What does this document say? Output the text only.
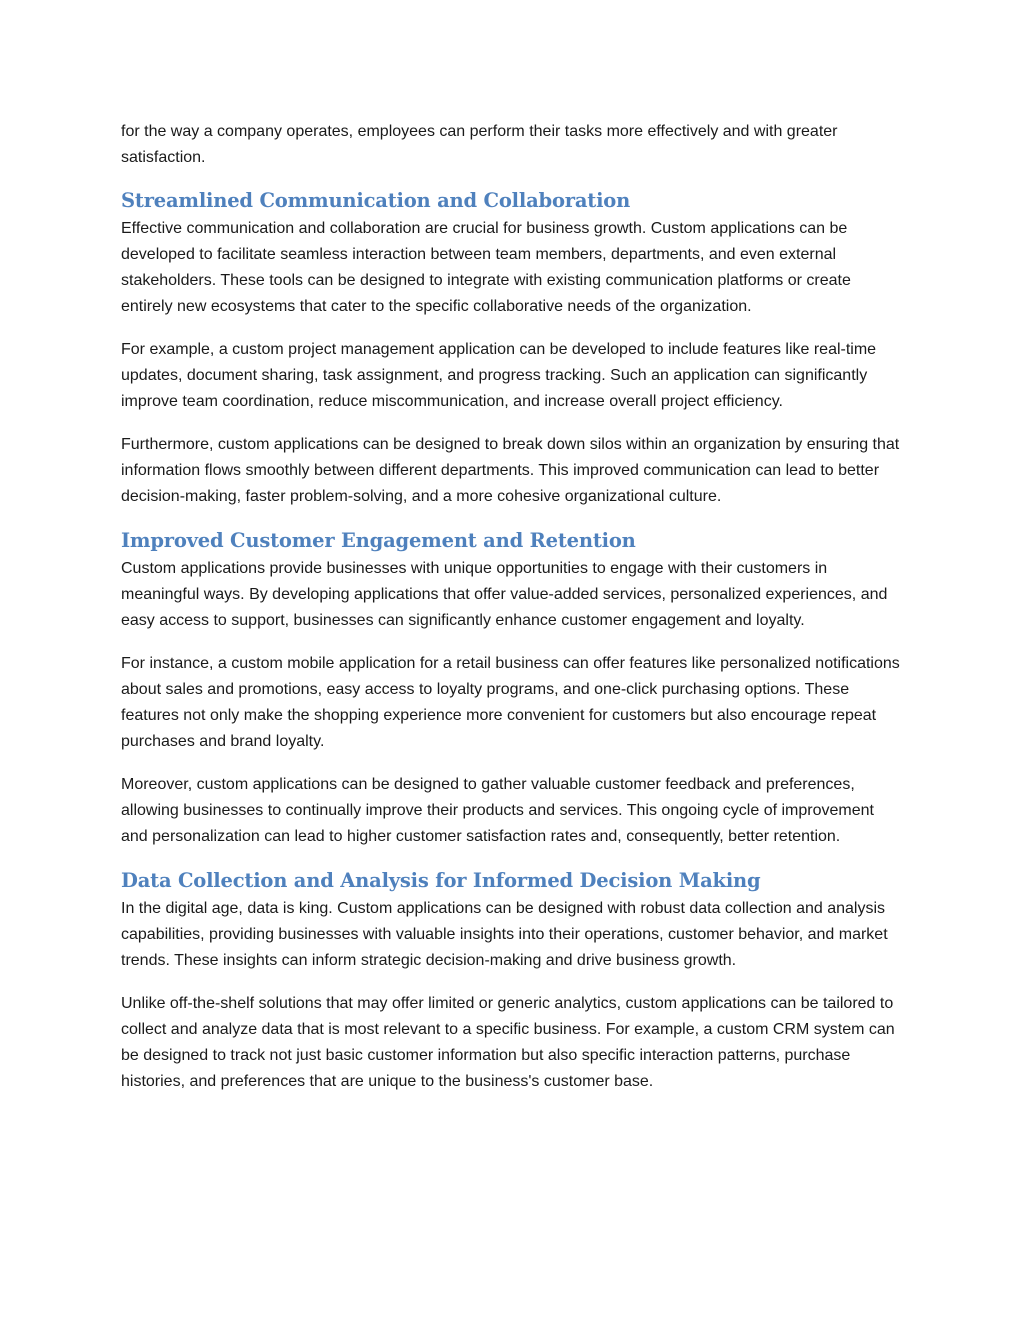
for the way a company operates, employees can perform their tasks more effectively and with greater satisfaction.

Streamlined Communication and Collaboration

Effective communication and collaboration are crucial for business growth. Custom applications can be developed to facilitate seamless interaction between team members, departments, and even external stakeholders. These tools can be designed to integrate with existing communication platforms or create entirely new ecosystems that cater to the specific collaborative needs of the organization.

For example, a custom project management application can be developed to include features like real-time updates, document sharing, task assignment, and progress tracking. Such an application can significantly improve team coordination, reduce miscommunication, and increase overall project efficiency.

Furthermore, custom applications can be designed to break down silos within an organization by ensuring that information flows smoothly between different departments. This improved communication can lead to better decision-making, faster problem-solving, and a more cohesive organizational culture.

Improved Customer Engagement and Retention

Custom applications provide businesses with unique opportunities to engage with their customers in meaningful ways. By developing applications that offer value-added services, personalized experiences, and easy access to support, businesses can significantly enhance customer engagement and loyalty.

For instance, a custom mobile application for a retail business can offer features like personalized notifications about sales and promotions, easy access to loyalty programs, and one-click purchasing options. These features not only make the shopping experience more convenient for customers but also encourage repeat purchases and brand loyalty.

Moreover, custom applications can be designed to gather valuable customer feedback and preferences, allowing businesses to continually improve their products and services. This ongoing cycle of improvement and personalization can lead to higher customer satisfaction rates and, consequently, better retention.

Data Collection and Analysis for Informed Decision Making

In the digital age, data is king. Custom applications can be designed with robust data collection and analysis capabilities, providing businesses with valuable insights into their operations, customer behavior, and market trends. These insights can inform strategic decision-making and drive business growth.

Unlike off-the-shelf solutions that may offer limited or generic analytics, custom applications can be tailored to collect and analyze data that is most relevant to a specific business. For example, a custom CRM system can be designed to track not just basic customer information but also specific interaction patterns, purchase histories, and preferences that are unique to the business's customer base.
